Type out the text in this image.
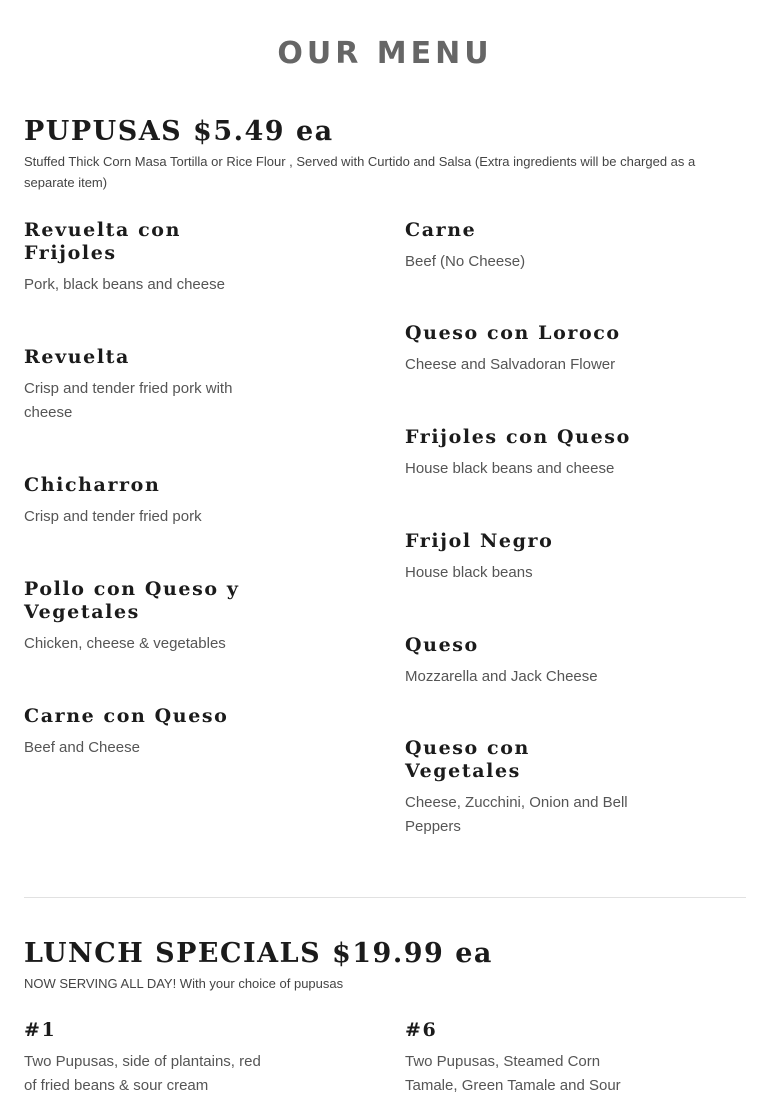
OUR MENU
PUPUSAS $5.49 ea

Stuffed Thick Corn Masa Tortilla or Rice Flour , Served with Curtido and Salsa (Extra ingredients will be charged as a separate item)

Revuelta con Frijoles

Pork, black beans and cheese

Revuelta

Crisp and tender fried pork with cheese

Chicharron

Crisp and tender fried pork

Pollo con Queso y Vegetales

Chicken, cheese & vegetables

Carne con Queso

Beef and Cheese

Carne

Beef (No Cheese)

Queso con Loroco

Cheese and Salvadoran Flower

Frijoles con Queso

House black beans and cheese

Frijol Negro

House black beans

Queso

Mozzarella and Jack Cheese

Queso con Vegetales

Cheese, Zucchini, Onion and Bell Peppers

LUNCH SPECIALS $19.99 ea

NOW SERVING ALL DAY! With your choice of pupusas

#1

Two Pupusas, side of plantains, red of fried beans & sour cream

#6

Two Pupusas, Steamed Corn Tamale, Green Tamale and Sour
